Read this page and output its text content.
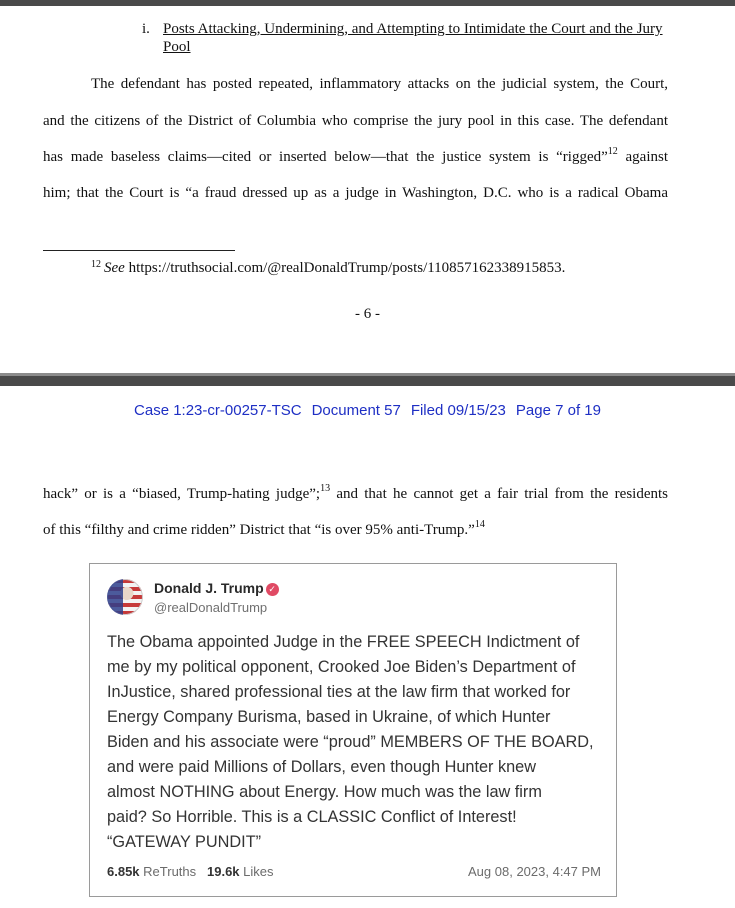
i. Posts Attacking, Undermining, and Attempting to Intimidate the Court and the Jury Pool
The defendant has posted repeated, inflammatory attacks on the judicial system, the Court,
and the citizens of the District of Columbia who comprise the jury pool in this case. The defendant
has made baseless claims—cited or inserted below—that the justice system is “rigged”$^{12}$ against
him; that the Court is “a fraud dressed up as a judge in Washington, D.C. who is a radical Obama
$^{12}$ See https://truthsocial.com/@realDonaldTrump/posts/110857162338915853.
- 6 -
Case 1:23-cr-00257-TSC Document 57 Filed 09/15/23 Page 7 of 19
hack” or is a “biased, Trump-hating judge”;$^{13}$ and that he cannot get a fair trial from the residents
of this “filthy and crime ridden” District that “is over 95% anti-Trump.”$^{14}$
Donald J. Trump ✓
@realDonaldTrump
The Obama appointed Judge in the FREE SPEECH Indictment of
me by my political opponent, Crooked Joe Biden’s Department of
InJustice, shared professional ties at the law firm that worked for
Energy Company Burisma, based in Ukraine, of which Hunter
Biden and his associate were “proud” MEMBERS OF THE BOARD,
and were paid Millions of Dollars, even though Hunter knew
almost NOTHING about Energy. How much was the law firm
paid? So Horrible. This is a CLASSIC Conflict of Interest!
“GATEWAY PUNDIT”
6.85k ReTruths 19.6k Likes	Aug 08, 2023, 4:47 PM
